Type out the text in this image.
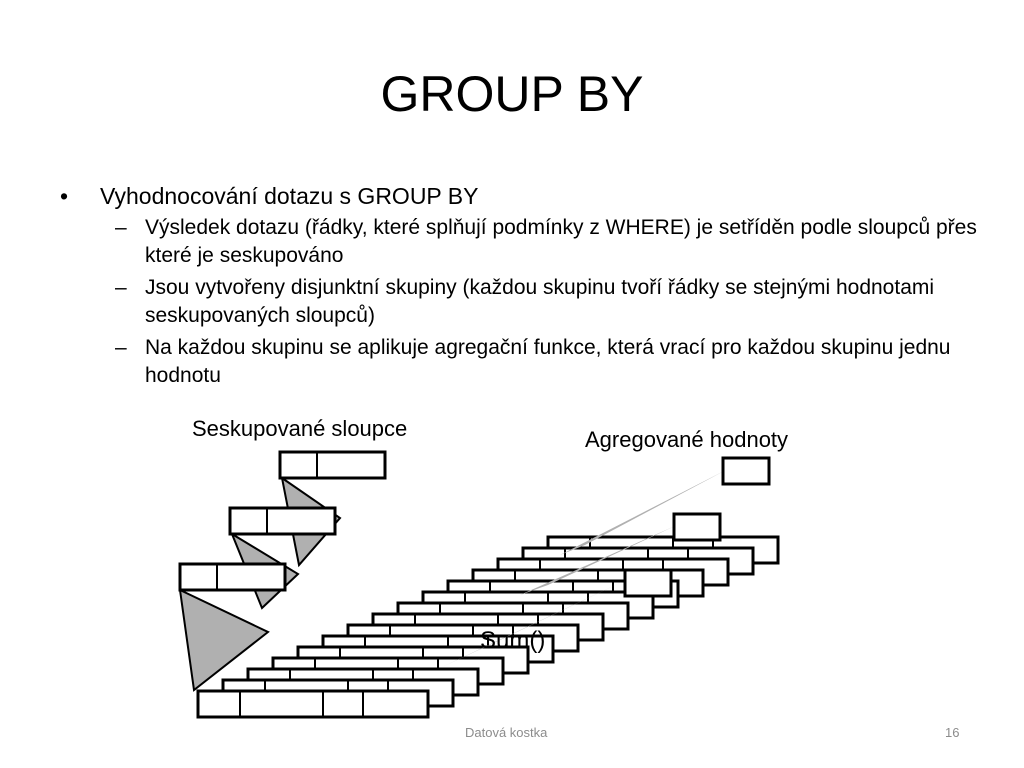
GROUP BY
• Vyhodnocování dotazu s GROUP BY
– Výsledek dotazu (řádky, které splňují podmínky z WHERE) je setříděn podle sloupců přes které je seskupováno
– Jsou vytvořeny disjunktní skupiny (každou skupinu tvoří řádky se stejnými hodnotami seskupovaných sloupců)
– Na každou skupinu se aplikuje agregační funkce, která vrací pro každou skupinu jednu hodnotu
Seskupované sloupce	Agregované hodnoty
Sum()
Datová kostka	16
